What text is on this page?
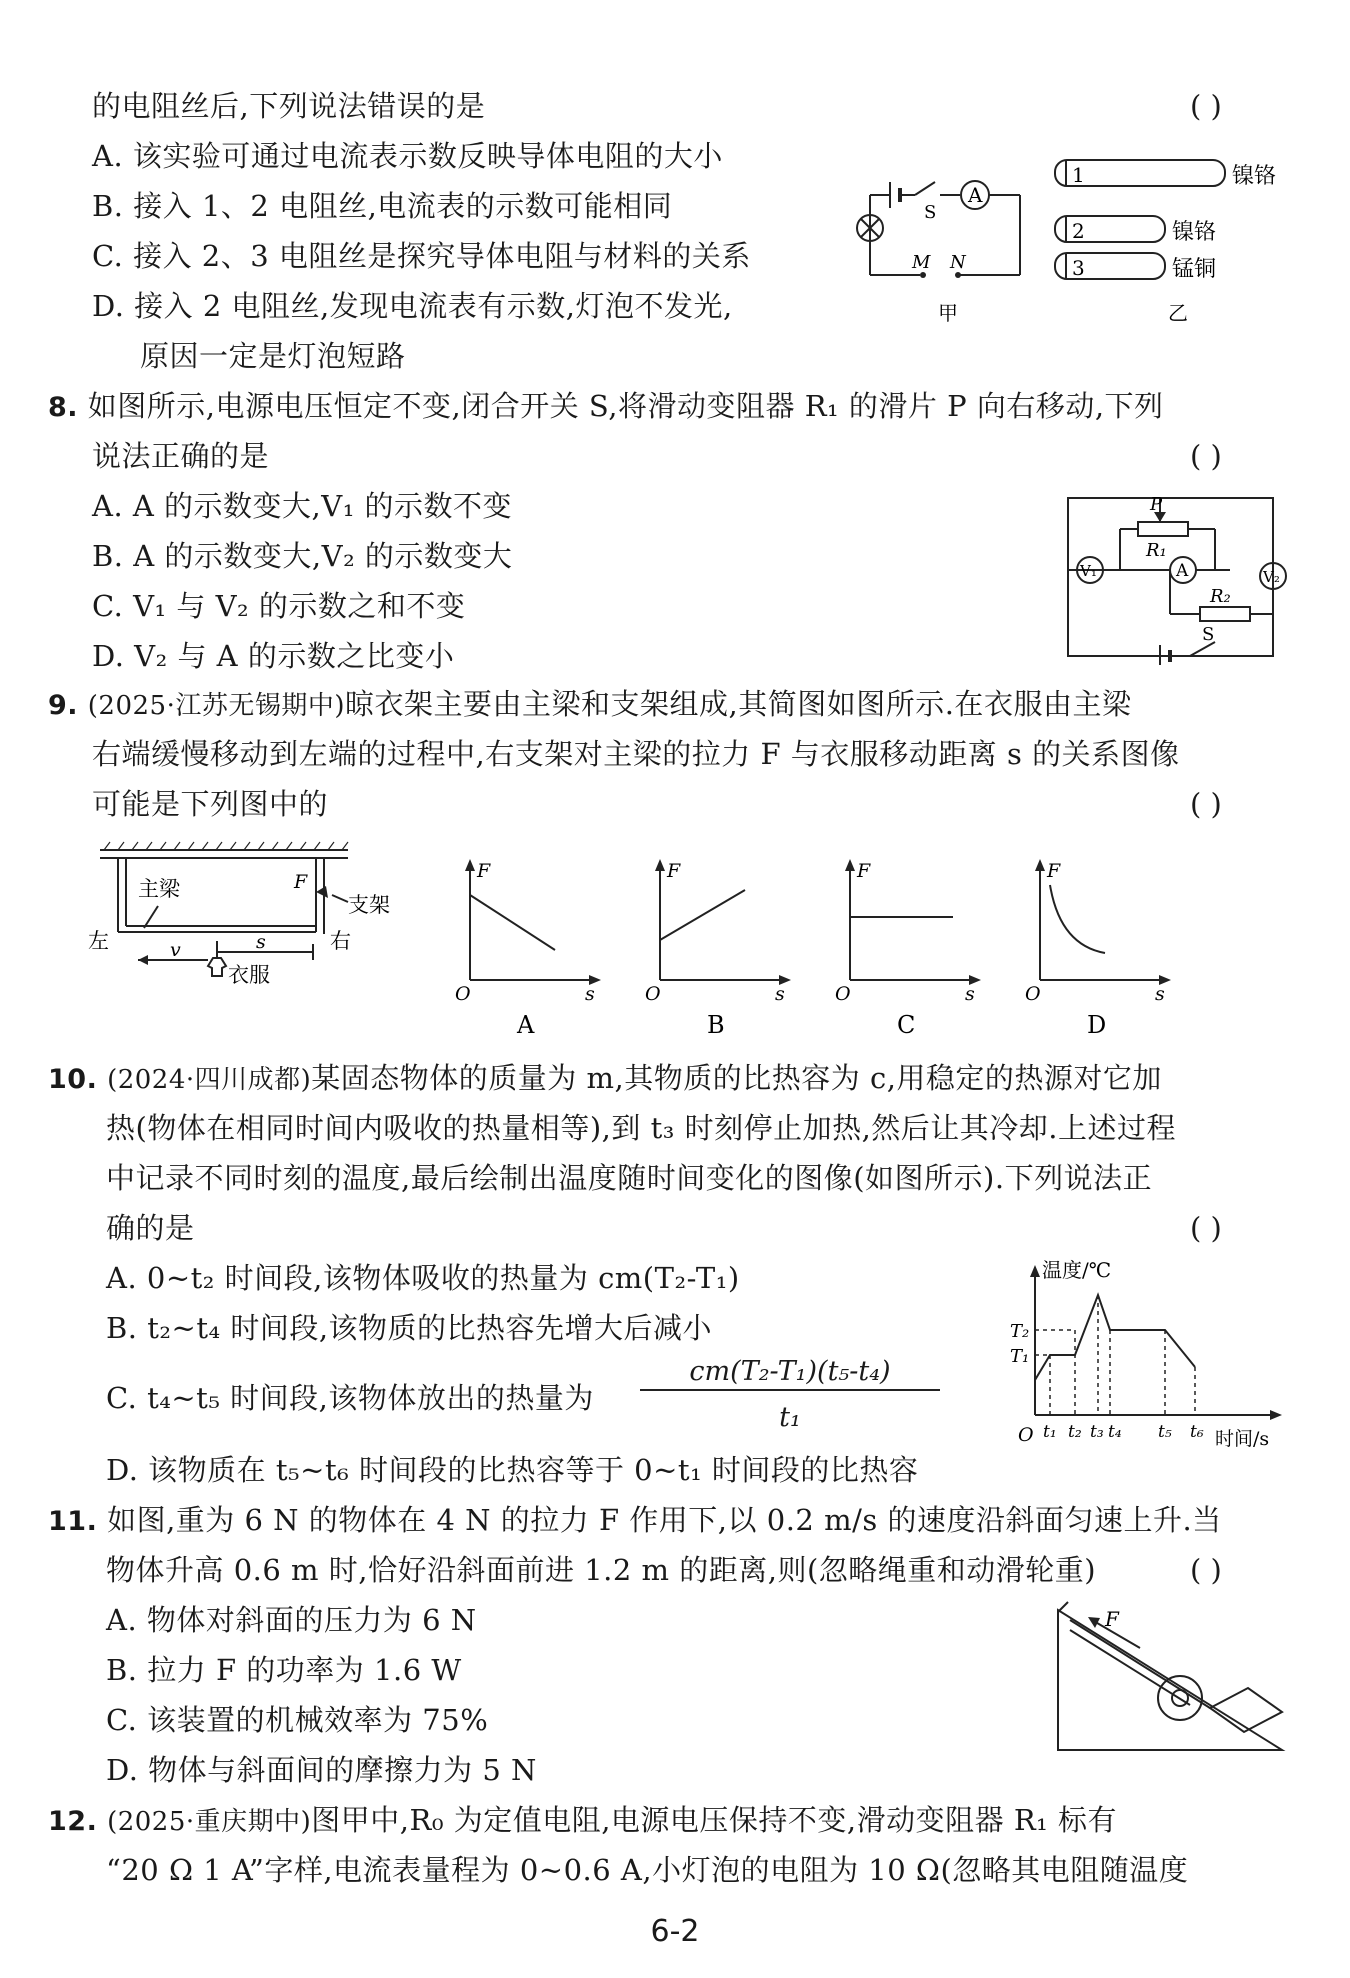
的电阻丝后,下列说法错误的是	( )
A. 该实验可通过电流表示数反映导体电阻的大小
B. 接入 1、2 电阻丝,电流表的示数可能相同
C. 接入 2、3 电阻丝是探究导体电阻与材料的关系
D. 接入 2 电阻丝,发现电流表有示数,灯泡不发光,
原因一定是灯泡短路
A
S
M N
甲
1
2
3
镍铬
镍铬
锰铜
乙
8. 如图所示,电源电压恒定不变,闭合开关 S,将滑动变阻器 R₁ 的滑片 P 向右移动,下列
说法正确的是	( )
A. A 的示数变大,V₁ 的示数不变
B. A 的示数变大,V₂ 的示数变大
C. V₁ 与 V₂ 的示数之和不变
D. V₂ 与 A 的示数之比变小
P
R₁
R₂
V₁	V₂
A
S
9. (2025·江苏无锡期中)晾衣架主要由主梁和支架组成,其简图如图所示.在衣服由主梁
右端缓慢移动到左端的过程中,右支架对主梁的拉力 F 与衣服移动距离 s 的关系图像
可能是下列图中的	( )
主梁
支架
左	右
衣服
F
s
v
F
s
O
A
F
s
O
B
F
s
O
C
F
s
O
D
10. (2024·四川成都)某固态物体的质量为 m,其物质的比热容为 c,用稳定的热源对它加
热(物体在相同时间内吸收的热量相等),到 t₃ 时刻停止加热,然后让其冷却.上述过程
中记录不同时刻的温度,最后绘制出温度随时间变化的图像(如图所示).下列说法正
确的是	( )
A. 0~t₂ 时间段,该物体吸收的热量为 cm(T₂-T₁)
B. t₂~t₄ 时间段,该物质的比热容先增大后减小
C. t₄~t₅ 时间段,该物体放出的热量为
cm(T₂-T₁)(t₅-t₄)
t₁
D. 该物质在 t₅~t₆ 时间段的比热容等于 0~t₁ 时间段的比热容
温度/℃
时间/s
O
T₂
T₁
t₁ t₂ t₃ t₄ t₅ t₆
11. 如图,重为 6 N 的物体在 4 N 的拉力 F 作用下,以 0.2 m/s 的速度沿斜面匀速上升.当
物体升高 0.6 m 时,恰好沿斜面前进 1.2 m 的距离,则(忽略绳重和动滑轮重)	( )
A. 物体对斜面的压力为 6 N
B. 拉力 F 的功率为 1.6 W
C. 该装置的机械效率为 75%
D. 物体与斜面间的摩擦力为 5 N
F
12. (2025·重庆期中)图甲中,R₀ 为定值电阻,电源电压保持不变,滑动变阻器 R₁ 标有
“20 Ω 1 A”字样,电流表量程为 0~0.6 A,小灯泡的电阻为 10 Ω(忽略其电阻随温度
6-2
